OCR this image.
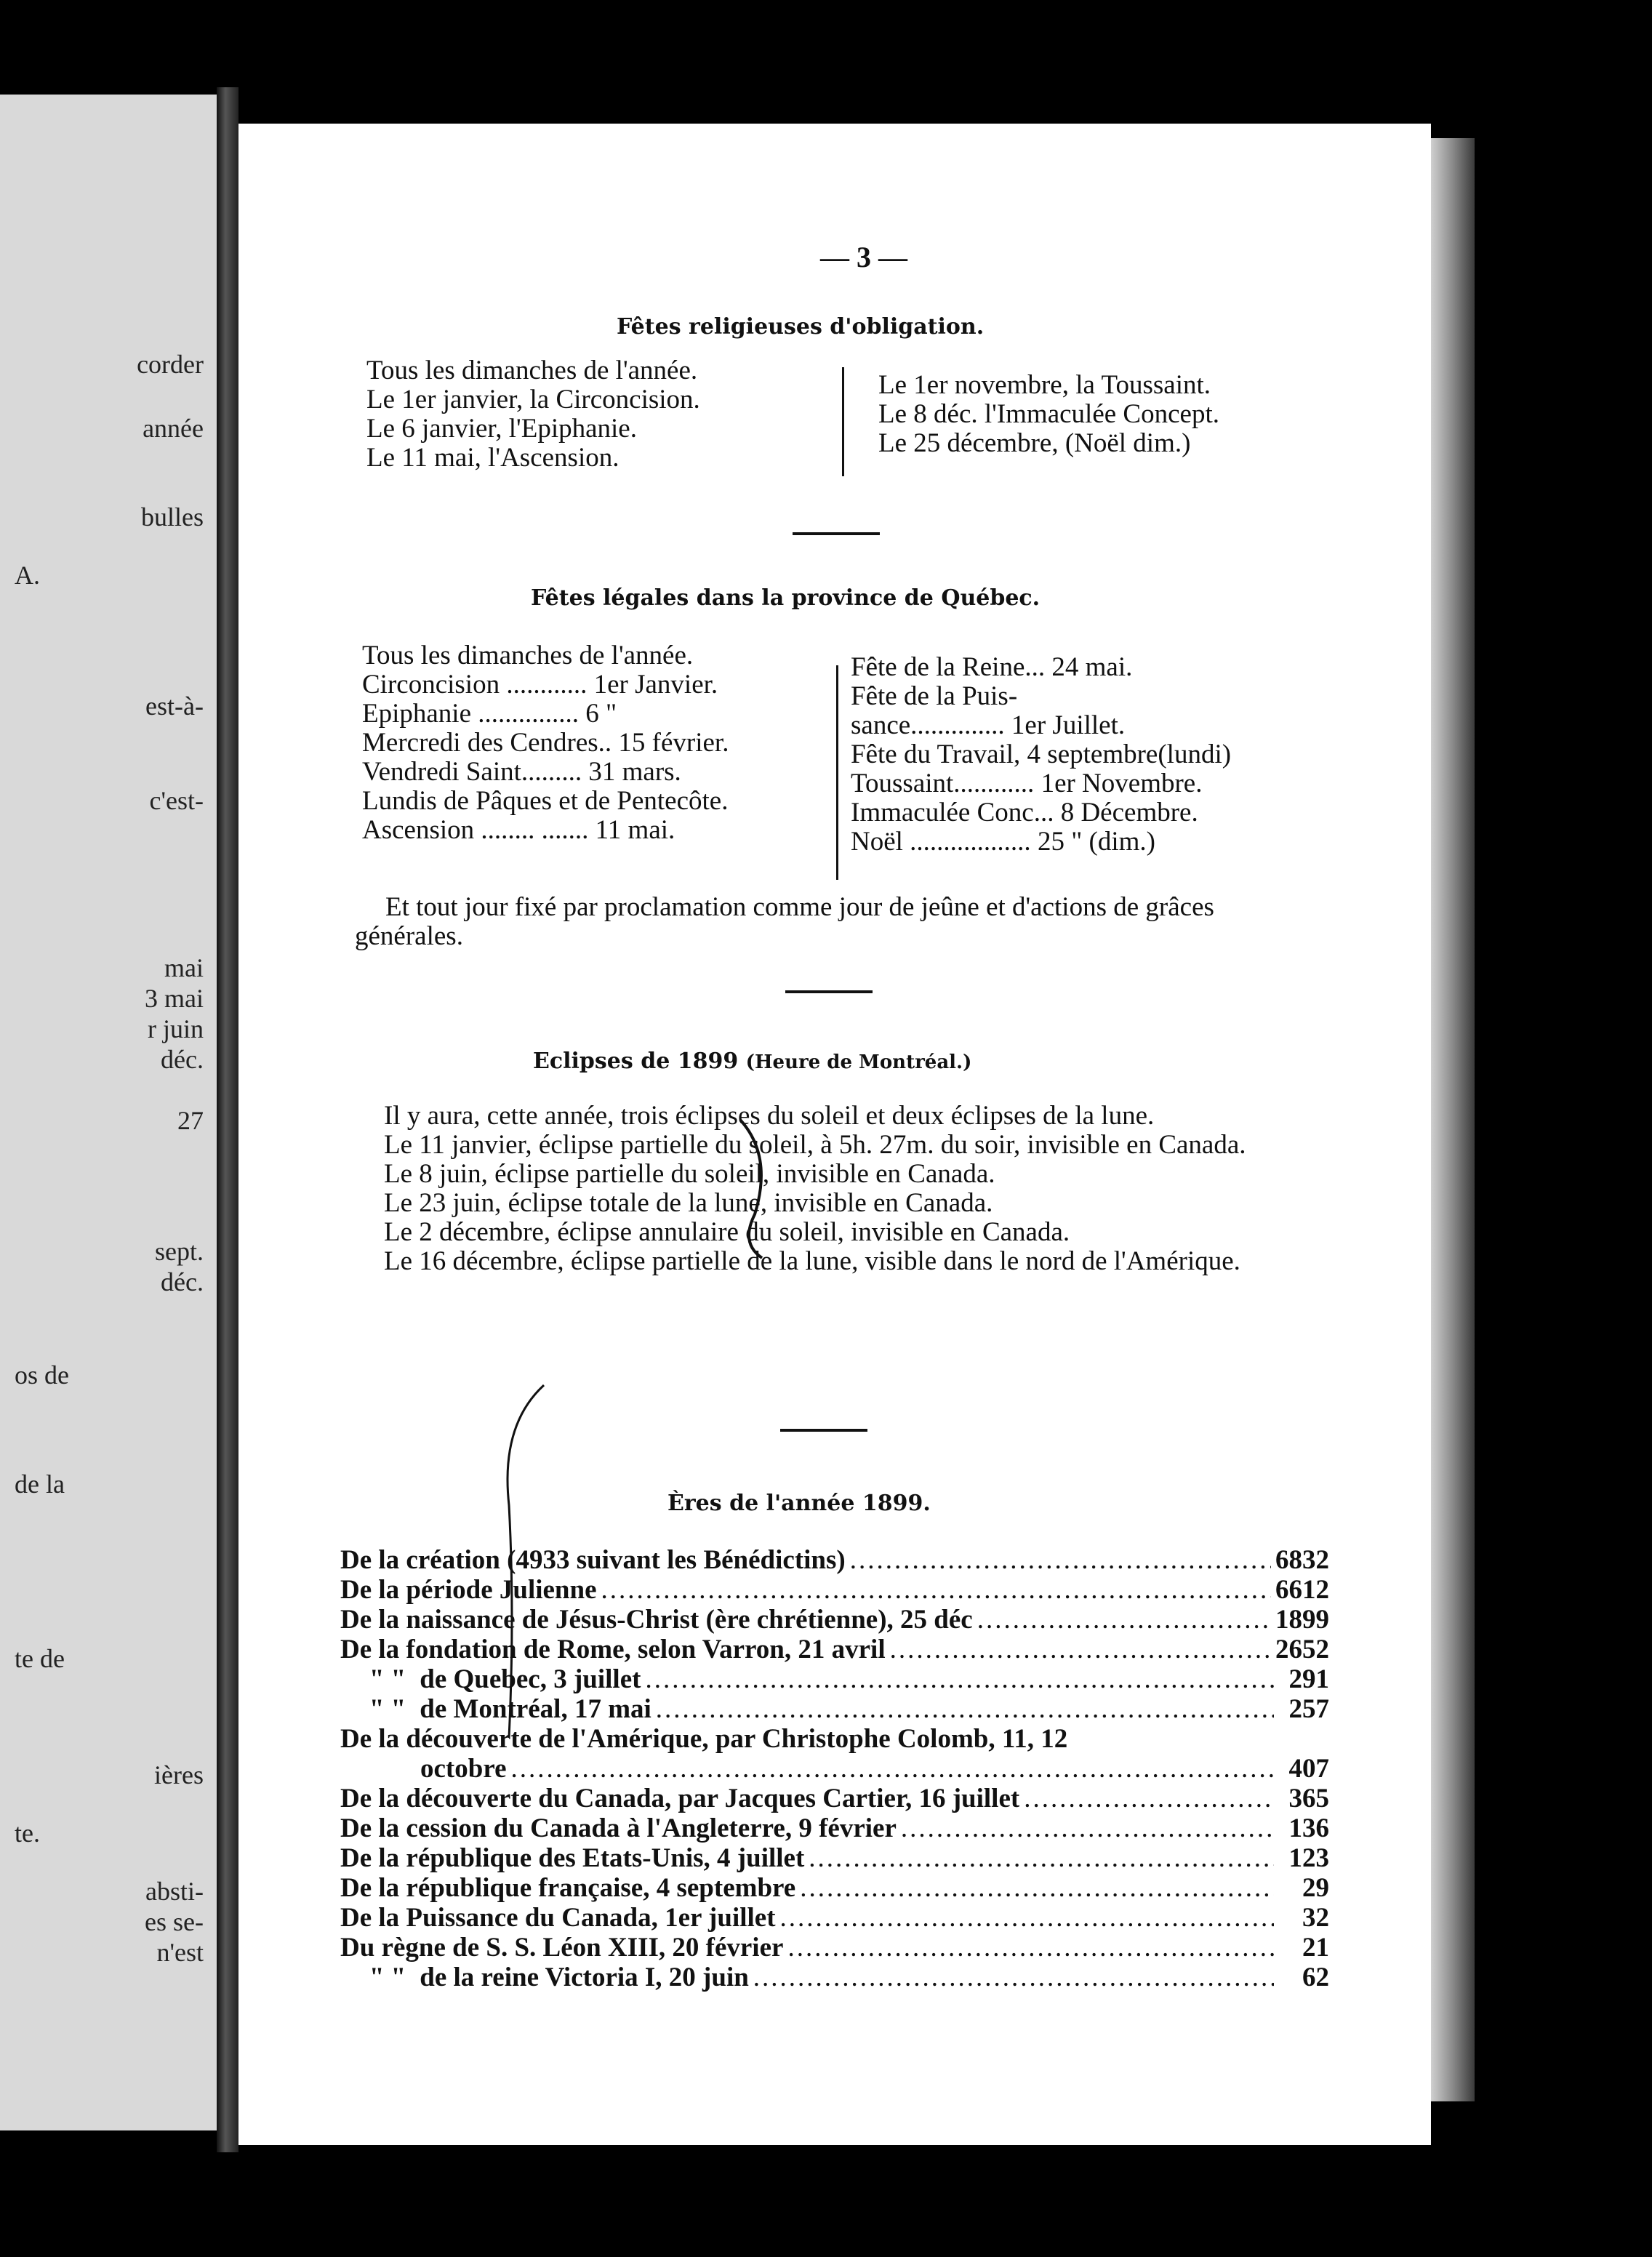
corder
année
bulles
A.
est-à-
c'est-
mai
3 mai
r juin
déc.
27
sept.
déc.
os de
de la
te de
ières
te.
absti-
es se-
n'est
— 3 —
Fêtes religieuses d'obligation.
Tous les dimanches de l'année.
Le 1er janvier, la Circoncision.
Le 6 janvier, l'Epiphanie.
Le 11 mai, l'Ascension.
Le 1er novembre, la Toussaint.
Le 8 déc. l'Immaculée Concept.
Le 25 décembre, (Noël dim.)
Fêtes légales dans la province de Québec.
Tous les dimanches de l'année.
Circoncision ............ 1er Janvier.
Epiphanie ............... 6 "
Mercredi des Cendres.. 15 février.
Vendredi Saint......... 31 mars.
Lundis de Pâques et de Pentecôte.
Ascension ........ ....... 11 mai.
Fête de la Reine... 24 mai.
Fête de la Puis-
sance.............. 1er Juillet.
Fête du Travail, 4 septembre(lundi)
Toussaint............ 1er Novembre.
Immaculée Conc... 8 Décembre.
Noël .................. 25 " (dim.)

Et tout jour fixé par proclamation comme jour de jeûne et d'actions de grâces générales.

Eclipses de 1899 (Heure de Montréal.)

Il y aura, cette année, trois éclipses du soleil et deux éclipses de la lune.

Le 11 janvier, éclipse partielle du soleil, à 5h. 27m. du soir, invisible en Canada.

Le 8 juin, éclipse partielle du soleil, invisible en Canada.

Le 23 juin, éclipse totale de la lune, invisible en Canada.

Le 2 décembre, éclipse annulaire du soleil, invisible en Canada.

Le 16 décembre, éclipse partielle de la lune, visible dans le nord de l'Amérique.

Ères de l'année 1899.
De la création (4933 suivant les Bénédictins) .....	6832
De la période Julienne .....	6612
De la naissance de Jésus-Christ (ère chrétienne), 25 déc .....	1899
De la fondation de Rome, selon Varron, 21 avril .....	2652
" " de Quebec, 3 juillet .....	291
" " de Montréal, 17 mai .....	257
De la découverte de l'Amérique, par Christophe Colomb, 11, 12
octobre .....	407
De la découverte du Canada, par Jacques Cartier, 16 juillet .....	365
De la cession du Canada à l'Angleterre, 9 février .....	136
De la république des Etats-Unis, 4 juillet .....	123
De la république française, 4 septembre .....	29
De la Puissance du Canada, 1er juillet .....	32
Du règne de S. S. Léon XIII, 20 février .....	21
" " de la reine Victoria I, 20 juin .....	62
